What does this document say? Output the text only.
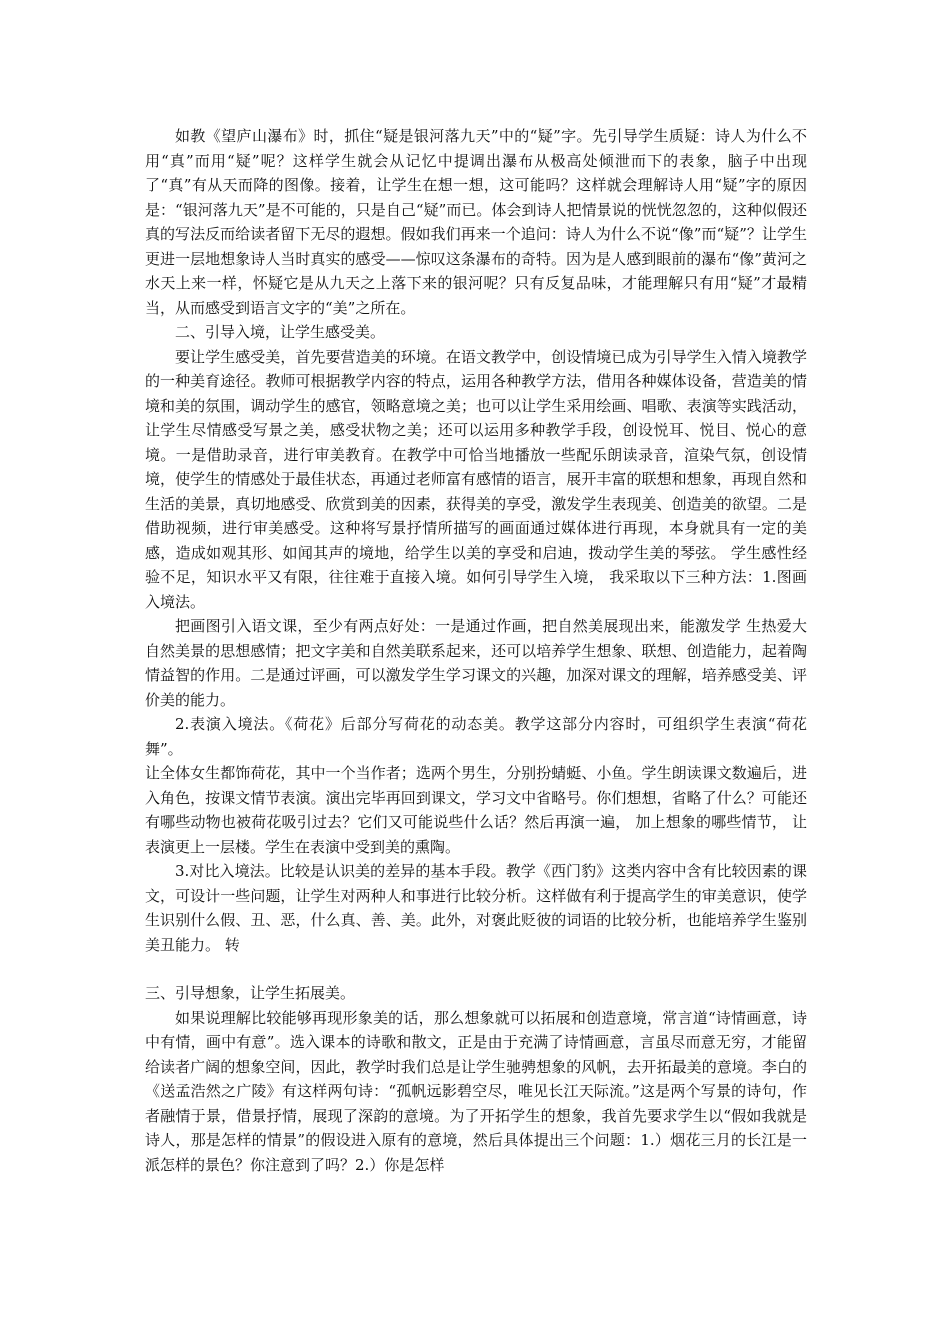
如教《望庐山瀑布》时，抓住“疑是银河落九天”中的“疑”字。先引导学生质疑：诗人为什么不用“真”而用“疑”呢？这样学生就会从记忆中提调出瀑布从极高处倾泄而下的表象，脑子中出现了“真”有从天而降的图像。接着，让学生在想一想，这可能吗？这样就会理解诗人用“疑”字的原因是：“银河落九天”是不可能的，只是自己“疑”而已。体会到诗人把情景说的恍恍忽忽的，这种似假还真的写法反而给读者留下无尽的遐想。假如我们再来一个追问：诗人为什么不说“像”而“疑”？让学生更进一层地想象诗人当时真实的感受——惊叹这条瀑布的奇特。因为是人感到眼前的瀑布“像”黄河之水天上来一样，怀疑它是从九天之上落下来的银河呢？只有反复品味，才能理解只有用“疑”才最精当，从而感受到语言文字的“美”之所在。

二、引导入境，让学生感受美。

要让学生感受美，首先要营造美的环境。在语文教学中，创设情境已成为引导学生入情入境教学的一种美育途径。教师可根据教学内容的特点，运用各种教学方法，借用各种媒体设备，营造美的情境和美的氛围，调动学生的感官，领略意境之美；也可以让学生采用绘画、唱歌、表演等实践活动，让学生尽情感受写景之美，感受状物之美；还可以运用多种教学手段，创设悦耳、悦目、悦心的意境。一是借助录音，进行审美教育。在教学中可恰当地播放一些配乐朗读录音，渲染气氛，创设情境，使学生的情感处于最佳状态，再通过老师富有感情的语言，展开丰富的联想和想象，再现自然和生活的美景，真切地感受、欣赏到美的因素，获得美的享受，激发学生表现美、创造美的欲望。二是借助视频，进行审美感受。这种将写景抒情所描写的画面通过媒体进行再现，本身就具有一定的美感，造成如观其形、如闻其声的境地，给学生以美的享受和启迪，拨动学生美的琴弦。 学生感性经验不足，知识水平又有限，往往难于直接入境。如何引导学生入境， 我采取以下三种方法：1.图画入境法。

把画图引入语文课，至少有两点好处：一是通过作画，把自然美展现出来，能激发学 生热爱大自然美景的思想感情；把文字美和自然美联系起来，还可以培养学生想象、联想、创造能力，起着陶情益智的作用。二是通过评画，可以激发学生学习课文的兴趣，加深对课文的理解，培养感受美、评价美的能力。

2.表演入境法。《荷花》后部分写荷花的动态美。教学这部分内容时，可组织学生表演“荷花舞”。

让全体女生都饰荷花，其中一个当作者；选两个男生，分别扮蜻蜓、小鱼。学生朗读课文数遍后，进入角色，按课文情节表演。演出完毕再回到课文，学习文中省略号。你们想想，省略了什么？可能还有哪些动物也被荷花吸引过去？它们又可能说些什么话？然后再演一遍， 加上想象的哪些情节， 让表演更上一层楼。学生在表演中受到美的熏陶。

3.对比入境法。比较是认识美的差异的基本手段。教学《西门豹》这类内容中含有比较因素的课文，可设计一些问题，让学生对两种人和事进行比较分析。这样做有利于提高学生的审美意识，使学生识别什么假、丑、恶，什么真、善、美。此外，对褒此贬彼的词语的比较分析，也能培养学生鉴别美丑能力。 转

三、引导想象，让学生拓展美。

如果说理解比较能够再现形象美的话，那么想象就可以拓展和创造意境，常言道“诗情画意，诗中有情，画中有意”。选入课本的诗歌和散文，正是由于充满了诗情画意，言虽尽而意无穷，才能留给读者广阔的想象空间，因此，教学时我们总是让学生驰骋想象的风帆，去开拓最美的意境。李白的《送孟浩然之广陵》有这样两句诗：“孤帆远影碧空尽，唯见长江天际流。”这是两个写景的诗句，作者融情于景，借景抒情，展现了深韵的意境。为了开拓学生的想象，我首先要求学生以“假如我就是诗人，那是怎样的情景”的假设进入原有的意境，然后具体提出三个问题：1.）烟花三月的长江是一派怎样的景色？你注意到了吗？2.）你是怎样
